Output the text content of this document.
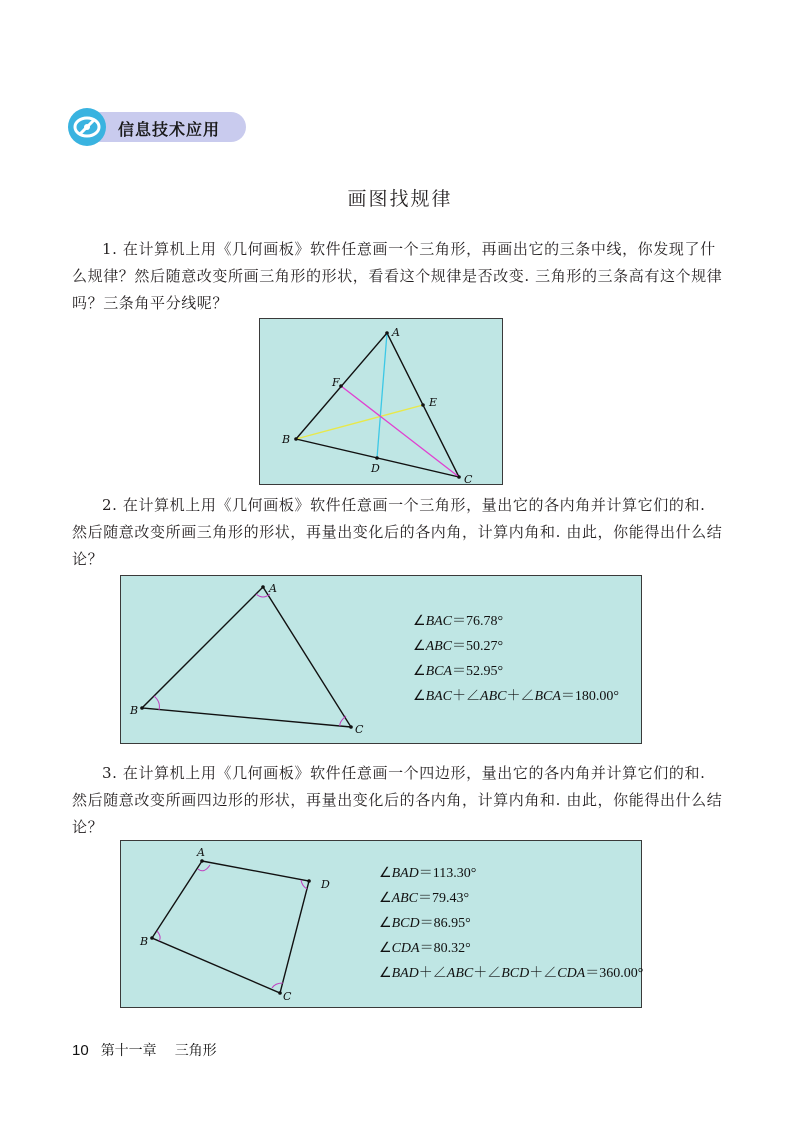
信息技术应用
画图找规律

1. 在计算机上用《几何画板》软件任意画一个三角形，再画出它的三条中线，你发现了什么规律？然后随意改变所画三角形的形状，看看这个规律是否改变. 三角形的三条高有这个规律吗？三条角平分线呢？

A
B
C
D
E
F

2. 在计算机上用《几何画板》软件任意画一个三角形，量出它的各内角并计算它们的和. 然后随意改变所画三角形的形状，再量出变化后的各内角，计算内角和. 由此，你能得出什么结论？

A
B
C

∠BAC＝76.78°

∠ABC＝50.27°

∠BCA＝52.95°

∠BAC＋∠ABC＋∠BCA＝180.00°

3. 在计算机上用《几何画板》软件任意画一个四边形，量出它的各内角并计算它们的和. 然后随意改变所画四边形的形状，再量出变化后的各内角，计算内角和. 由此，你能得出什么结论？

A
B
C
D

∠BAD＝113.30°

∠ABC＝79.43°

∠BCD＝86.95°

∠CDA＝80.32°

∠BAD＋∠ABC＋∠BCD＋∠CDA＝360.00°

10 第十一章 三角形
